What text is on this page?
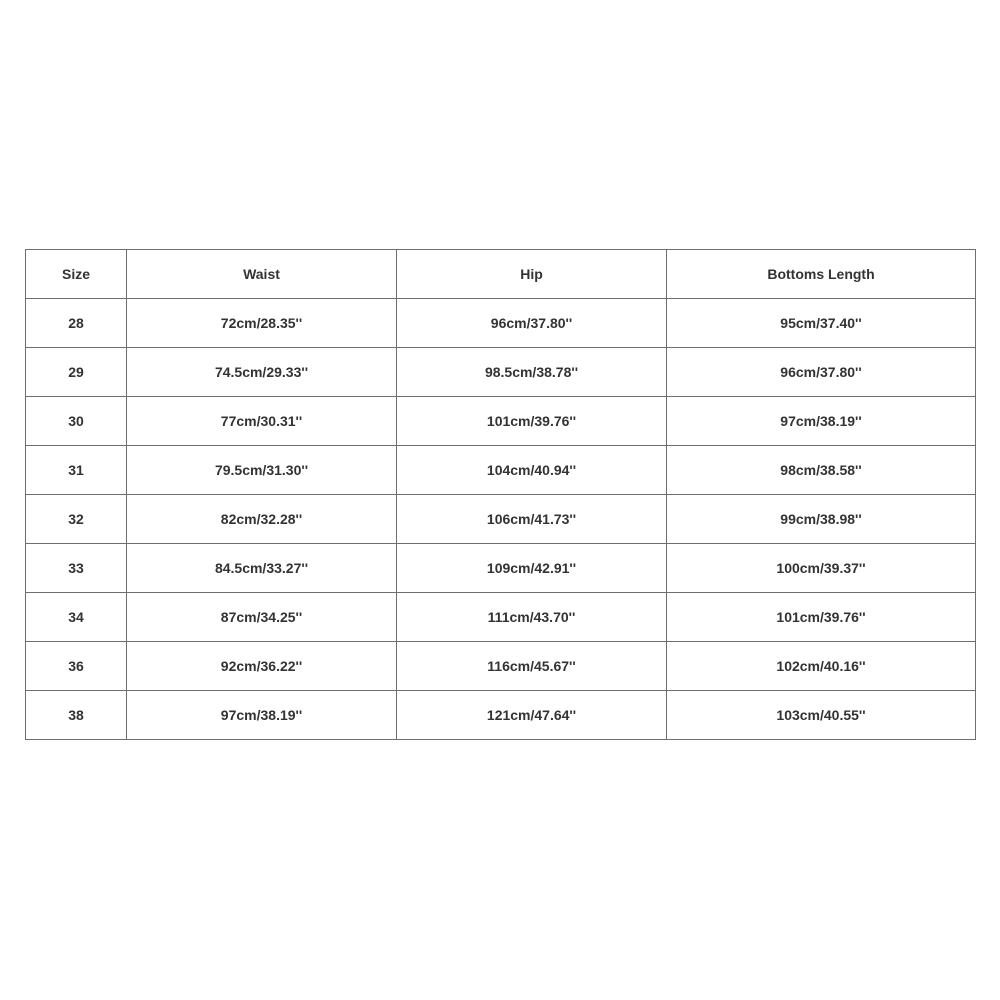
Size	Waist	Hip	Bottoms Length
28	72cm/28.35''	96cm/37.80''	95cm/37.40''
29	74.5cm/29.33''	98.5cm/38.78''	96cm/37.80''
30	77cm/30.31''	101cm/39.76''	97cm/38.19''
31	79.5cm/31.30''	104cm/40.94''	98cm/38.58''
32	82cm/32.28''	106cm/41.73''	99cm/38.98''
33	84.5cm/33.27''	109cm/42.91''	100cm/39.37''
34	87cm/34.25''	111cm/43.70''	101cm/39.76''
36	92cm/36.22''	116cm/45.67''	102cm/40.16''
38	97cm/38.19''	121cm/47.64''	103cm/40.55''
